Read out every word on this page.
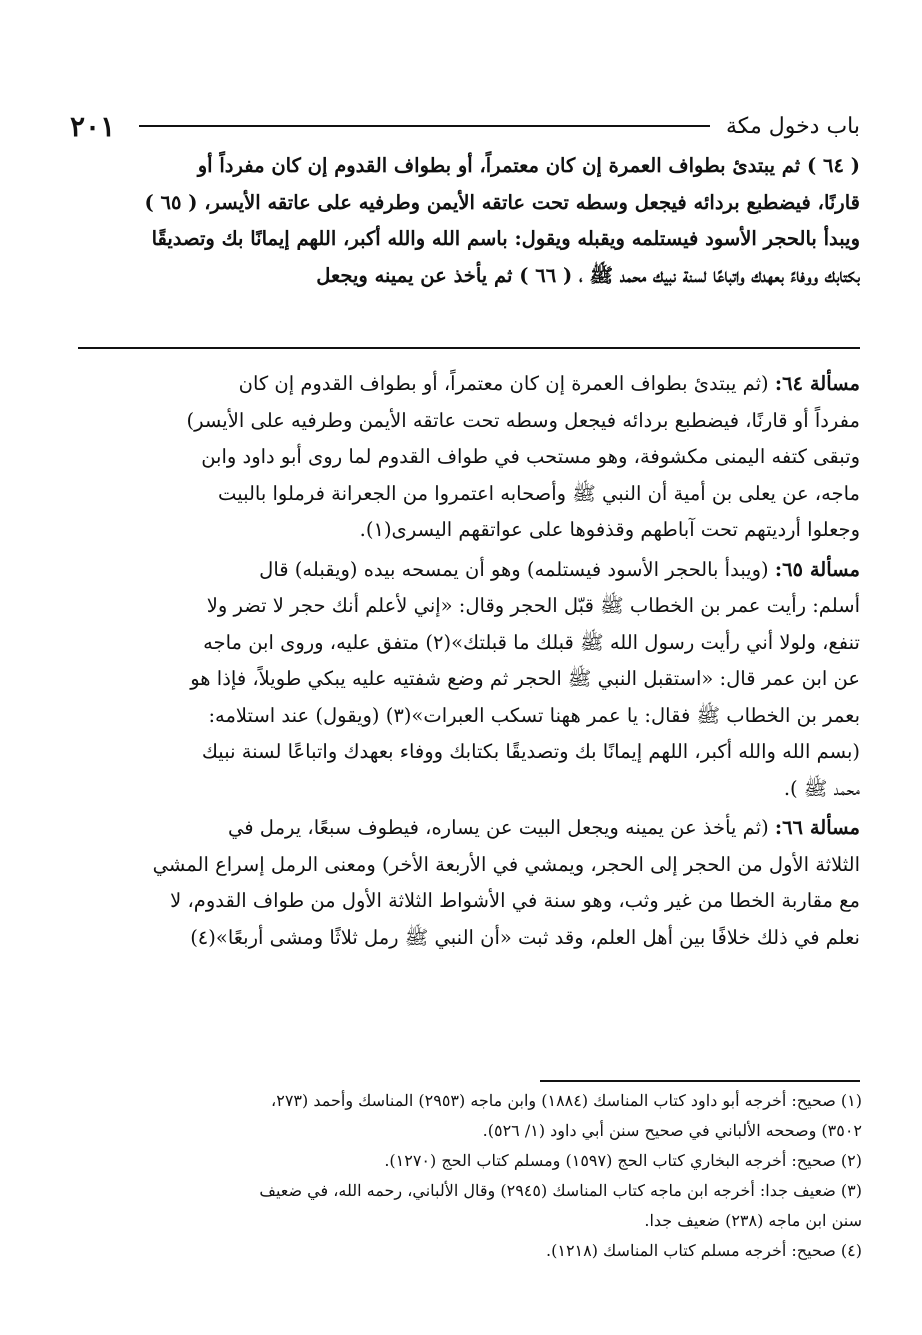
باب دخول مكة
٢٠١
( ٦٤ ) ثم يبتدئ بطواف العمرة إن كان معتمراً، أو بطواف القدوم إن كان مفرداً أو
قارنًا، فيضطبع بردائه فيجعل وسطه تحت عاتقه الأيمن وطرفيه على عاتقه الأيسر، ( ٦٥ )
ويبدأ بالحجر الأسود فيستلمه ويقبله ويقول: باسم الله والله أكبر، اللهم إيمانًا بك وتصديقًا
بكتابك ووفاءً بعهدك واتباعًا لسنة نبيك محمد ﷺ ، ( ٦٦ ) ثم يأخذ عن يمينه ويجعل
مسألة ٦٤: (ثم يبتدئ بطواف العمرة إن كان معتمراً، أو بطواف القدوم إن كان
مفرداً أو قارنًا، فيضطبع بردائه فيجعل وسطه تحت عاتقه الأيمن وطرفيه على الأيسر)
وتبقى كتفه اليمنى مكشوفة، وهو مستحب في طواف القدوم لما روى أبو داود وابن
ماجه، عن يعلى بن أمية أن النبي ﷺ وأصحابه اعتمروا من الجعرانة فرملوا بالبيت
وجعلوا أرديتهم تحت آباطهم وقذفوها على عواتقهم اليسرى(١).
مسألة ٦٥: (ويبدأ بالحجر الأسود فيستلمه) وهو أن يمسحه بيده (ويقبله) قال
أسلم: رأيت عمر بن الخطاب ﷺ قبّل الحجر وقال: «إني لأعلم أنك حجر لا تضر ولا
تنفع، ولولا أني رأيت رسول الله ﷺ قبلك ما قبلتك»(٢) متفق عليه، وروى ابن ماجه
عن ابن عمر قال: «استقبل النبي ﷺ الحجر ثم وضع شفتيه عليه يبكي طويلاً، فإذا هو
بعمر بن الخطاب ﷺ فقال: يا عمر ههنا تسكب العبرات»(٣) (ويقول) عند استلامه:
(بسم الله والله أكبر، اللهم إيمانًا بك وتصديقًا بكتابك ووفاء بعهدك واتباعًا لسنة نبيك
محمد ﷺ ).
مسألة ٦٦: (ثم يأخذ عن يمينه ويجعل البيت عن يساره، فيطوف سبعًا، يرمل في
الثلاثة الأول من الحجر إلى الحجر، ويمشي في الأربعة الأخر) ومعنى الرمل إسراع المشي
مع مقاربة الخطا من غير وثب، وهو سنة في الأشواط الثلاثة الأول من طواف القدوم، لا
نعلم في ذلك خلافًا بين أهل العلم، وقد ثبت «أن النبي ﷺ رمل ثلاثًا ومشى أربعًا»(٤)
(١) صحيح: أخرجه أبو داود كتاب المناسك (١٨٨٤) وابن ماجه (٢٩٥٣) المناسك وأحمد (٢٧٣،
٣٥٠٢) وصححه الألباني في صحيح سنن أبي داود (١/ ٥٢٦).
(٢) صحيح: أخرجه البخاري كتاب الحج (١٥٩٧) ومسلم كتاب الحج (١٢٧٠).
(٣) ضعيف جدا: أخرجه ابن ماجه كتاب المناسك (٢٩٤٥) وقال الألباني، رحمه الله، في ضعيف
سنن ابن ماجه (٢٣٨) ضعيف جدا.
(٤) صحيح: أخرجه مسلم كتاب المناسك (١٢١٨).
